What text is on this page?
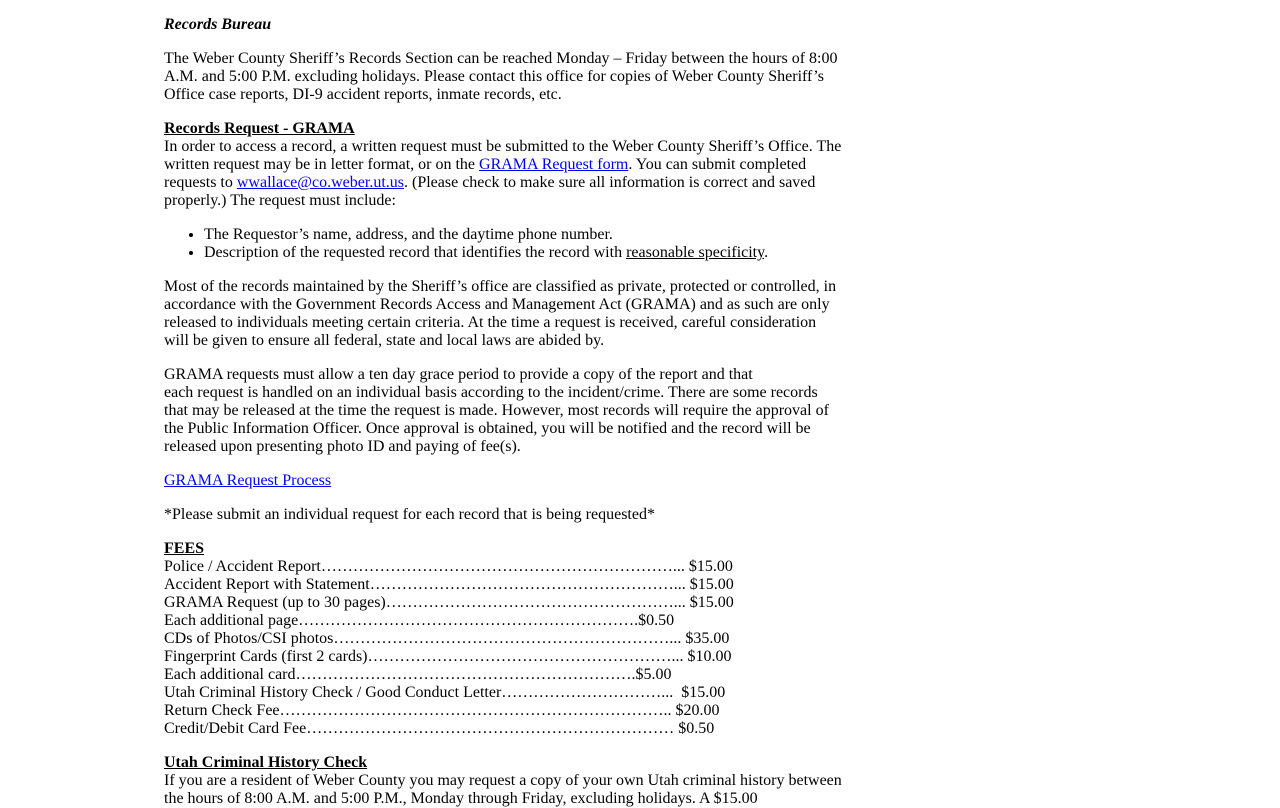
Records Bureau

The Weber County Sheriff’s Records Section can be reached Monday – Friday between the hours of 8:00 A.M. and 5:00 P.M. excluding holidays. Please contact this office for copies of Weber County Sheriff’s Office case reports, DI-9 accident reports, inmate records, etc.

Records Request - GRAMA
In order to access a record, a written request must be submitted to the Weber County Sheriff’s Office. The written request may be in letter format, or on the GRAMA Request form. You can submit completed requests to wwallace@co.weber.ut.us. (Please check to make sure all information is correct and saved properly.) The request must include:

• The Requestor’s name, address, and the daytime phone number.
• Description of the requested record that identifies the record with reasonable specificity.

Most of the records maintained by the Sheriff’s office are classified as private, protected or controlled, in accordance with the Government Records Access and Management Act (GRAMA) and as such are only released to individuals meeting certain criteria. At the time a request is received, careful consideration will be given to ensure all federal, state and local laws are abided by.

GRAMA requests must allow a ten day grace period to provide a copy of the report and that
each request is handled on an individual basis according to the incident/crime. There are some records that may be released at the time the request is made. However, most records will require the approval of the Public Information Officer. Once approval is obtained, you will be notified and the record will be released upon presenting photo ID and paying of fee(s).

GRAMA Request Process

*Please submit an individual request for each record that is being requested*

FEES
Police / Accident Report…………………………………………………………... $15.00
Accident Report with Statement…………………………………………………... $15.00
GRAMA Request (up to 30 pages)………………………………………………... $15.00
Each additional page……………………………………………………….$0.50
CDs of Photos/CSI photos………………………………………………………... $35.00
Fingerprint Cards (first 2 cards)…………………………………………………... $10.00
Each additional card……………………………………………………….$5.00
Utah Criminal History Check / Good Conduct Letter…………………………...  $15.00
Return Check Fee……………………………………………………………….. $20.00
Credit/Debit Card Fee…………………………………………………………… $0.50

Utah Criminal History Check
If you are a resident of Weber County you may request a copy of your own Utah criminal history between the hours of 8:00 A.M. and 5:00 P.M., Monday through Friday, excluding holidays. A $15.00
